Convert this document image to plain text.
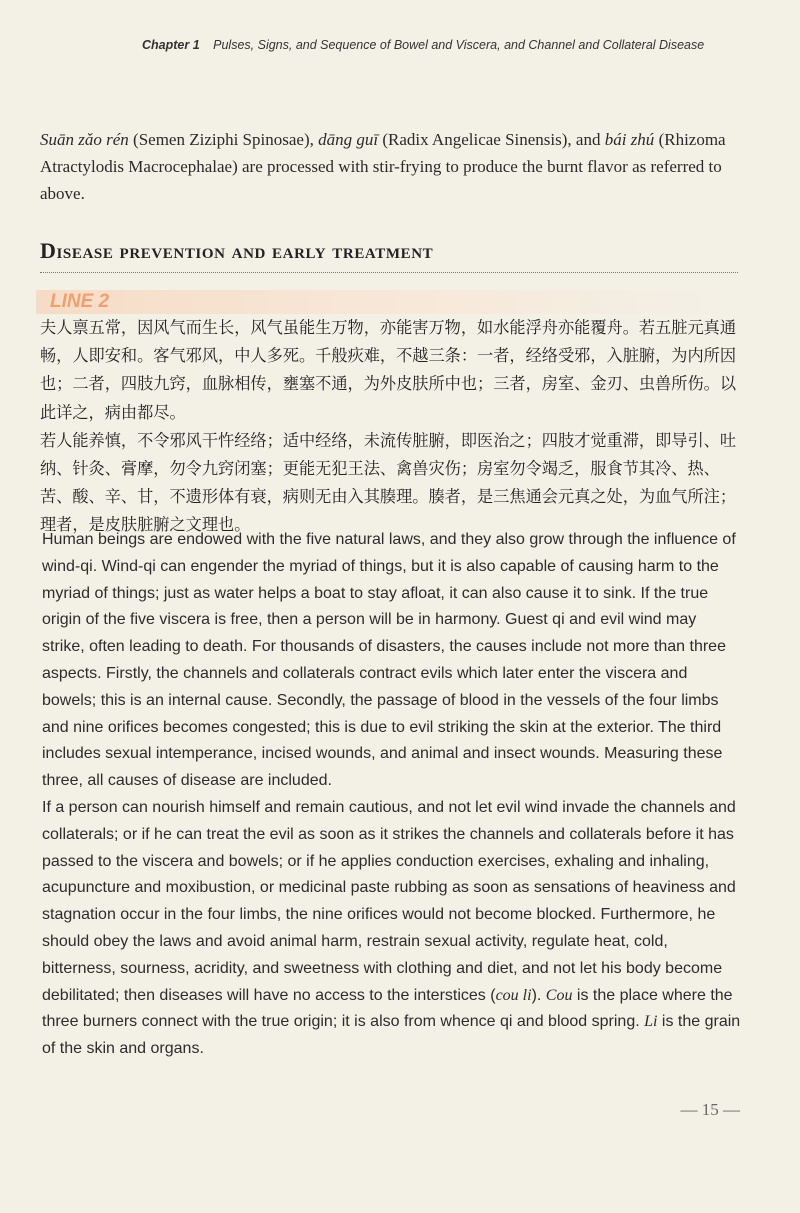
Chapter 1 Pulses, Signs, and Sequence of Bowel and Viscera, and Channel and Collateral Disease
Suān zǎo rén (Semen Ziziphi Spinosae), dāng guī (Radix Angelicae Sinensis), and bái zhú (Rhizoma Atractylodis Macrocephalae) are processed with stir-frying to produce the burnt flavor as referred to above.
Disease prevention and early treatment
LINE 2

夫人禀五常，因风气而生长，风气虽能生万物，亦能害万物，如水能浮舟亦能覆舟。若五脏元真通畅，人即安和。客气邪风，中人多死。千般疢难，不越三条：一者，经络受邪，入脏腑，为内所因也；二者，四肢九窍，血脉相传，壅塞不通，为外皮肤所中也；三者，房室、金刃、虫兽所伤。以此详之，病由都尽。

若人能养慎，不令邪风干忤经络；适中经络，未流传脏腑，即医治之；四肢才觉重滞，即导引、吐纳、针灸、膏摩，勿令九窍闭塞；更能无犯王法、禽兽灾伤；房室勿令竭乏，服食节其冷、热、苦、酸、辛、甘，不遗形体有衰，病则无由入其腠理。腠者，是三焦通会元真之处，为血气所注；理者，是皮肤脏腑之文理也。

Human beings are endowed with the five natural laws, and they also grow through the influence of wind-qi. Wind-qi can engender the myriad of things, but it is also capable of causing harm to the myriad of things; just as water helps a boat to stay afloat, it can also cause it to sink. If the true origin of the five viscera is free, then a person will be in harmony. Guest qi and evil wind may strike, often leading to death. For thousands of disasters, the causes include not more than three aspects. Firstly, the channels and collaterals contract evils which later enter the viscera and bowels; this is an internal cause. Secondly, the passage of blood in the vessels of the four limbs and nine orifices becomes congested; this is due to evil striking the skin at the exterior. The third includes sexual intemperance, incised wounds, and animal and insect wounds. Measuring these three, all causes of disease are included.

If a person can nourish himself and remain cautious, and not let evil wind invade the channels and collaterals; or if he can treat the evil as soon as it strikes the channels and collaterals before it has passed to the viscera and bowels; or if he applies conduction exercises, exhaling and inhaling, acupuncture and moxibustion, or medicinal paste rubbing as soon as sensations of heaviness and stagnation occur in the four limbs, the nine orifices would not become blocked. Furthermore, he should obey the laws and avoid animal harm, restrain sexual activity, regulate heat, cold, bitterness, sourness, acridity, and sweetness with clothing and diet, and not let his body become debilitated; then diseases will have no access to the interstices (cou li). Cou is the place where the three burners connect with the true origin; it is also from whence qi and blood spring. Li is the grain of the skin and organs.

— 15 —
